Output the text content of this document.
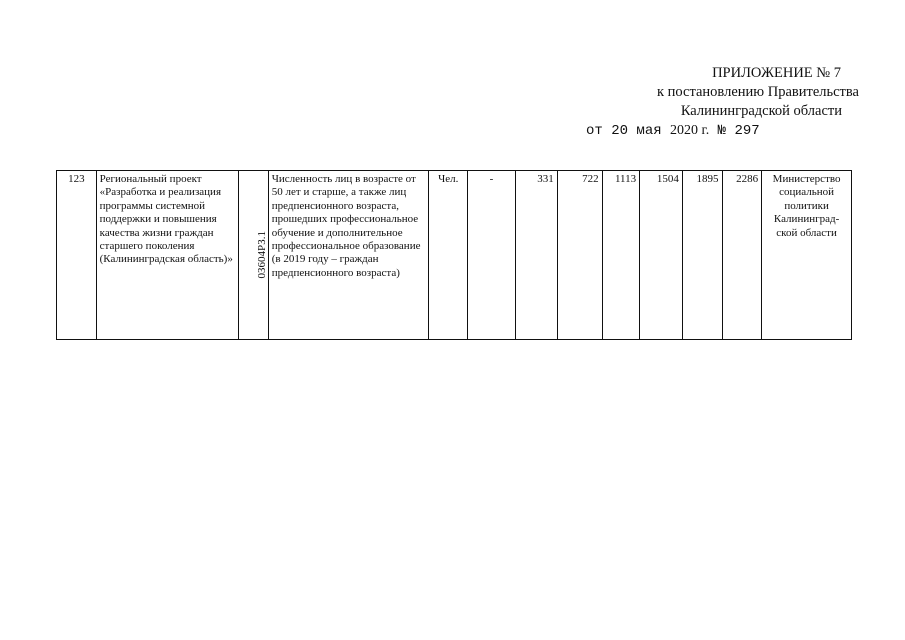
ПРИЛОЖЕНИЕ № 7
к постановлению Правительства
Калининградской области
от 20 мая 2020 г. № 297
123	Региональный проект «Разработка и реализация программы системной поддержки и повышения качества жизни граждан старшего поколения (Калининградская область)»	0З604РЗ.1	Численность лиц в возрасте от 50 лет и старше, а также лиц предпенсионного возраста, прошедших профессиональное обучение и дополнительное профессиональное образование (в 2019 году – граждан предпенсионного возраста)	Чел.	-	331	722	1113	1504	1895	2286	Министерство социальной политики Калининград-ской области
